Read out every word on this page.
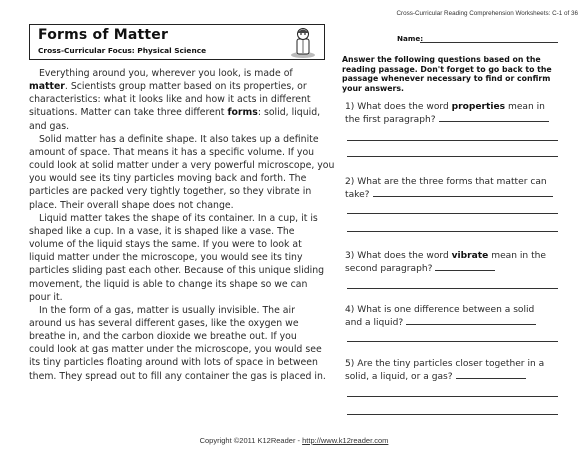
Cross-Curricular Reading Comprehension Worksheets: C-1 of 36
Forms of Matter
Cross-Curricular Focus: Physical Science
Everything around you, wherever you look, is made of
matter. Scientists group matter based on its properties, or
characteristics: what it looks like and how it acts in different
situations. Matter can take three different forms: solid, liquid,
and gas.
Solid matter has a definite shape. It also takes up a definite
amount of space. That means it has a specific volume. If you
could look at solid matter under a very powerful microscope, you
you would see its tiny particles moving back and forth. The
particles are packed very tightly together, so they vibrate in
place. Their overall shape does not change.
Liquid matter takes the shape of its container. In a cup, it is
shaped like a cup. In a vase, it is shaped like a vase. The
volume of the liquid stays the same. If you were to look at
liquid matter under the microscope, you would see its tiny
particles sliding past each other. Because of this unique sliding
movement, the liquid is able to change its shape so we can
pour it.
In the form of a gas, matter is usually invisible. The air
around us has several different gases, like the oxygen we
breathe in, and the carbon dioxide we breathe out. If you
could look at gas matter under the microscope, you would see
its tiny particles floating around with lots of space in between
them. They spread out to fill any container the gas is placed in.
Name:
Answer the following questions based on the
reading passage. Don't forget to go back to the
passage whenever necessary to find or confirm
your answers.
1) What does the word properties mean in
the first paragraph?
2) What are the three forms that matter can
take?
3) What does the word vibrate mean in the
second paragraph?
4) What is one difference between a solid
and a liquid?
5) Are the tiny particles closer together in a
solid, a liquid, or a gas?
Copyright ©2011 K12Reader - http://www.k12reader.com
